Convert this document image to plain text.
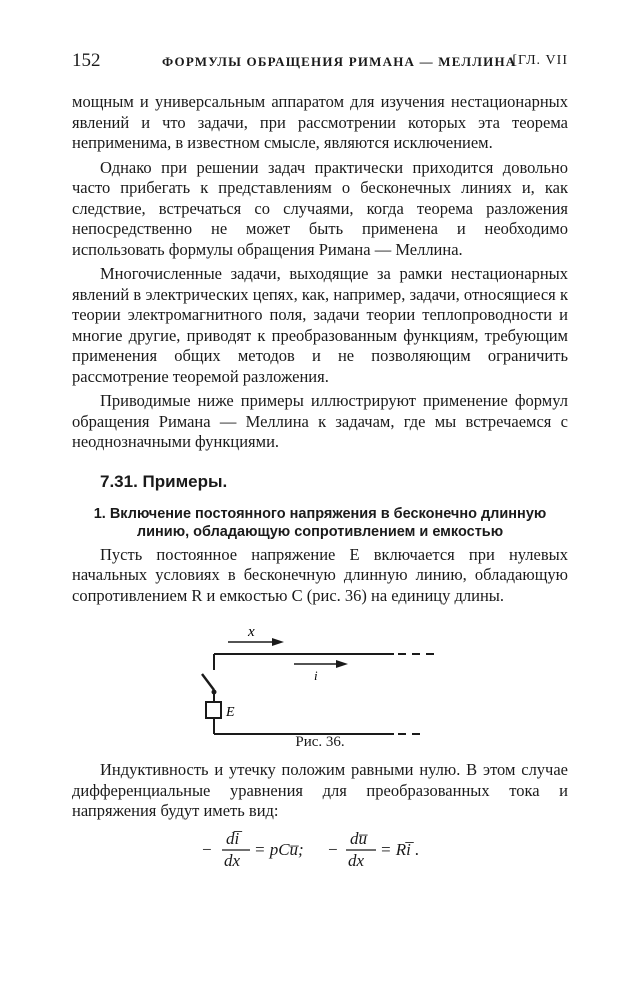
152	ФОРМУЛЫ ОБРАЩЕНИЯ РИМАНА — МЕЛЛИНА
[ГЛ. VII

мощным и универсальным аппаратом для изучения нестационарных явлений и что задачи, при рассмотрении которых эта теорема неприменима, в известном смысле, являются исключением.

Однако при решении задач практически приходится довольно часто прибегать к представлениям о бесконечных линиях и, как следствие, встречаться со случаями, когда теорема разложения непосредственно не может быть применена и необходимо использовать формулы обращения Римана — Меллина.

Многочисленные задачи, выходящие за рамки нестационарных явлений в электрических цепях, как, например, задачи, относящиеся к теории электромагнитного поля, задачи теории теплопроводности и многие другие, приводят к преобразованным функциям, требующим применения общих методов и не позволяющим ограничить рассмотрение теоремой разложения.

Приводимые ниже примеры иллюстрируют применение формул обращения Римана — Меллина к задачам, где мы встречаемся с неоднозначными функциями.

7.31. Примеры.
1. Включение постоянного напряжения в бесконечно длинную
линию, обладающую сопротивлением и емкостью

Пусть постоянное напряжение E включается при нулевых начальных условиях в бесконечную длинную линию, обладающую сопротивлением R и емкостью C (рис. 36) на единицу длины.

x
i
E
Рис. 36.

Индуктивность и утечку положим равными нулю. В этом случае дифференциальные уравнения для преобразованных тока и напряжения будут иметь вид:

−
di̅
dx
= pCu̅; −
du̅
dx
= Ri̅ .
